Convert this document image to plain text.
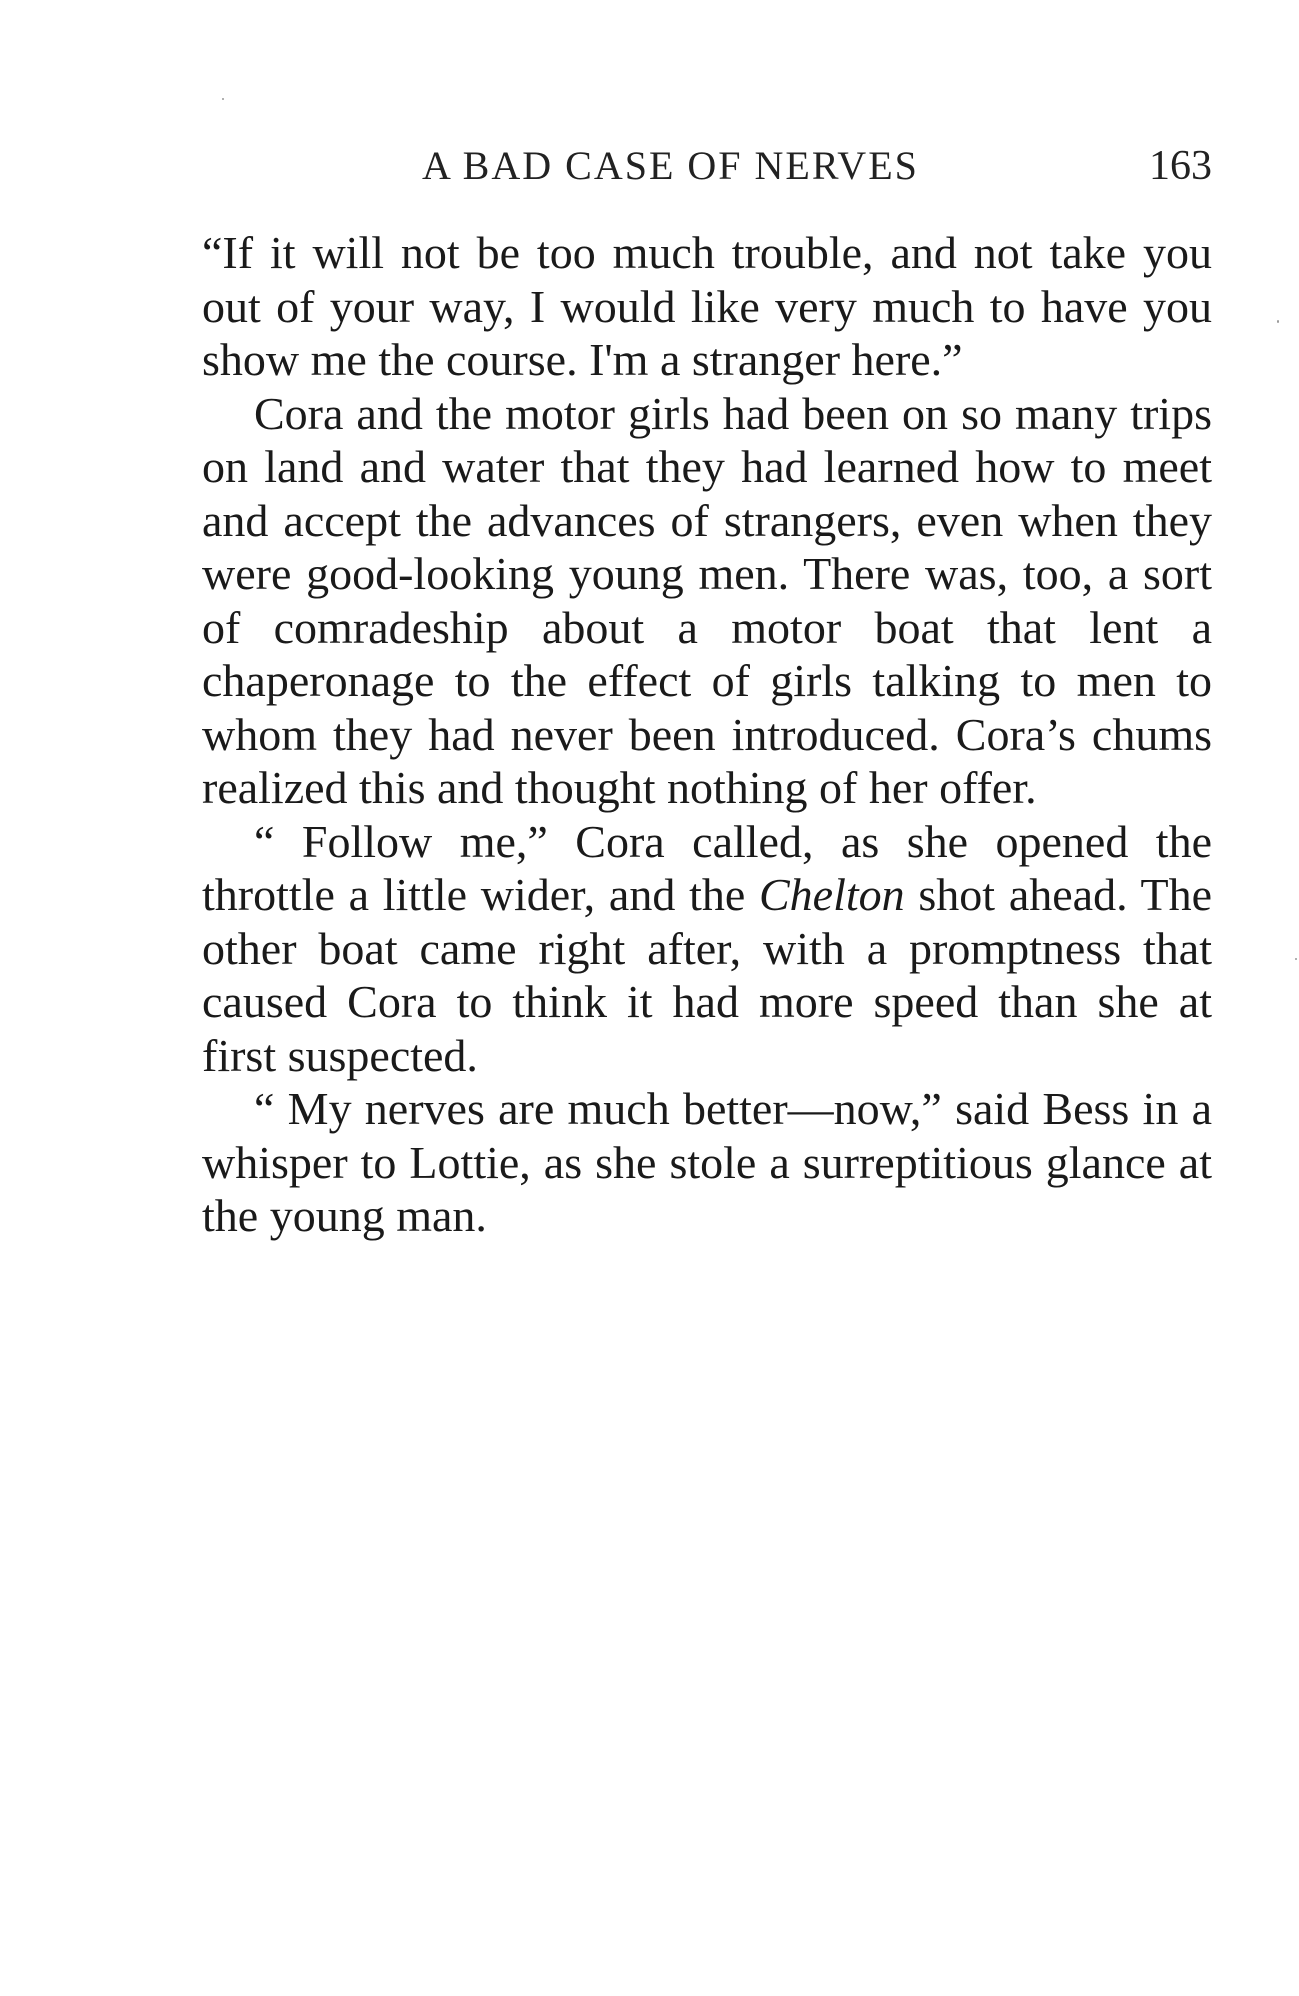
A BAD CASE OF NERVES	163

“If it will not be too much trouble, and not take you out of your way, I would like very much to have you show me the course. I'm a stranger here.”

Cora and the motor girls had been on so many trips on land and water that they had learned how to meet and accept the advances of strangers, even when they were good-looking young men. There was, too, a sort of comradeship about a motor boat that lent a chaperonage to the effect of girls talking to men to whom they had never been introduced. Cora’s chums realized this and thought nothing of her offer.

“ Follow me,” Cora called, as she opened the throttle a little wider, and the Chelton shot ahead. The other boat came right after, with a promptness that caused Cora to think it had more speed than she at first suspected.

“ My nerves are much better—now,” said Bess in a whisper to Lottie, as she stole a surreptitious glance at the young man.
